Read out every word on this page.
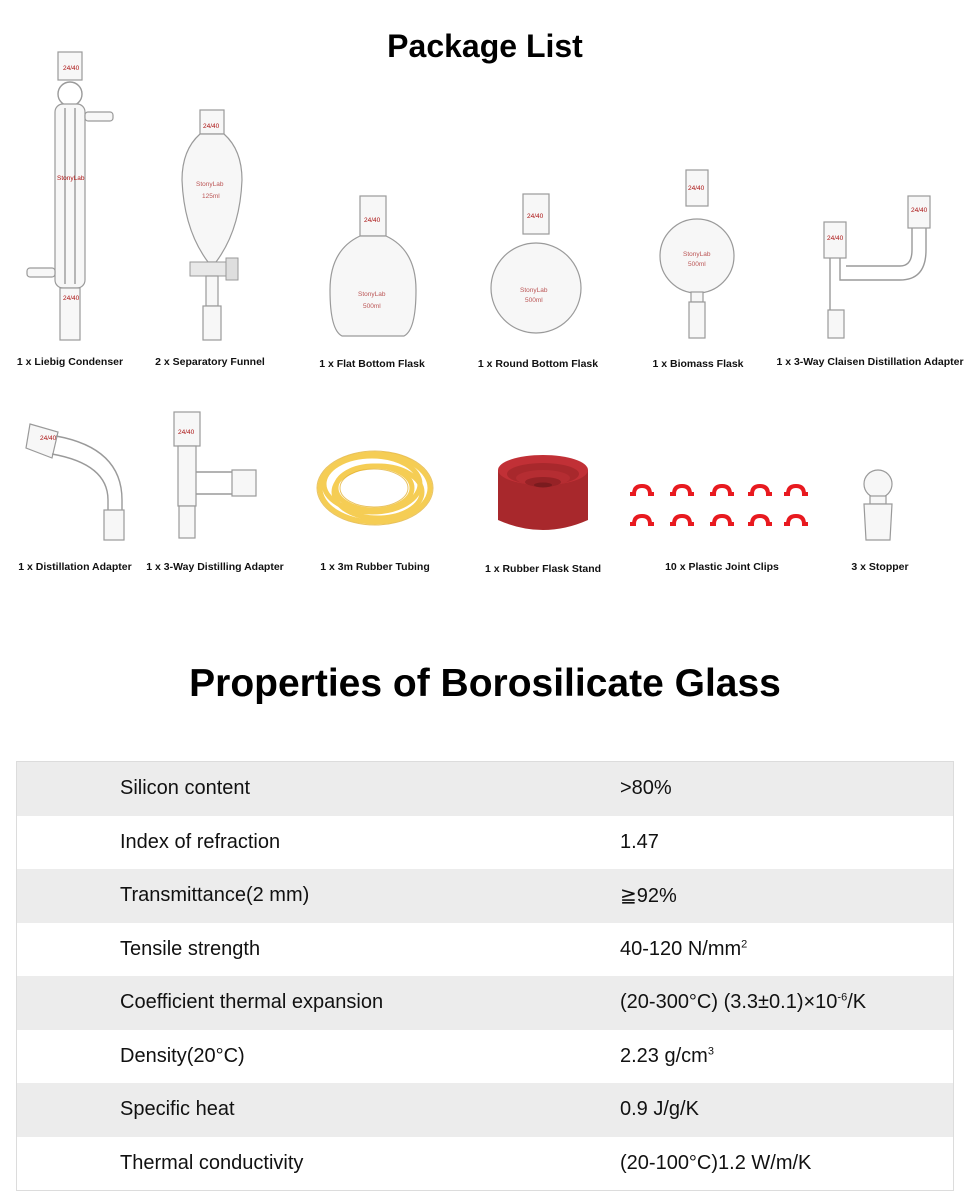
Package List
24/40
StonyLab
24/40
1 x Liebig Condenser
24/40
StonyLab
125ml
2 x Separatory Funnel
24/40
StonyLab
500ml
1 x Flat Bottom Flask
24/40
StonyLab
500ml
1 x Round Bottom Flask
24/40
StonyLab
500ml
1 x Biomass Flask
24/40
24/40
1 x 3-Way Claisen Distillation Adapter
24/40
1 x Distillation Adapter
24/40
1 x 3-Way Distilling Adapter	1 x 3m Rubber Tubing	1 x Rubber Flask Stand	10 x Plastic Joint Clips	3 x Stopper
Properties of Borosilicate Glass
Silicon content	>80%
Index of refraction	1.47
Transmittance(2 mm)	≧92%
Tensile strength	40-120 $N/mm^2$
Coefficient thermal expansion	(20-300°C) $(3.3\pm 0.1)\times 10^{-6}/K$
Density(20°C)	2.23 $g/cm^3$
Specific heat	0.9 J/g/K
Thermal conductivity	(20-100°C)1.2 W/m/K
